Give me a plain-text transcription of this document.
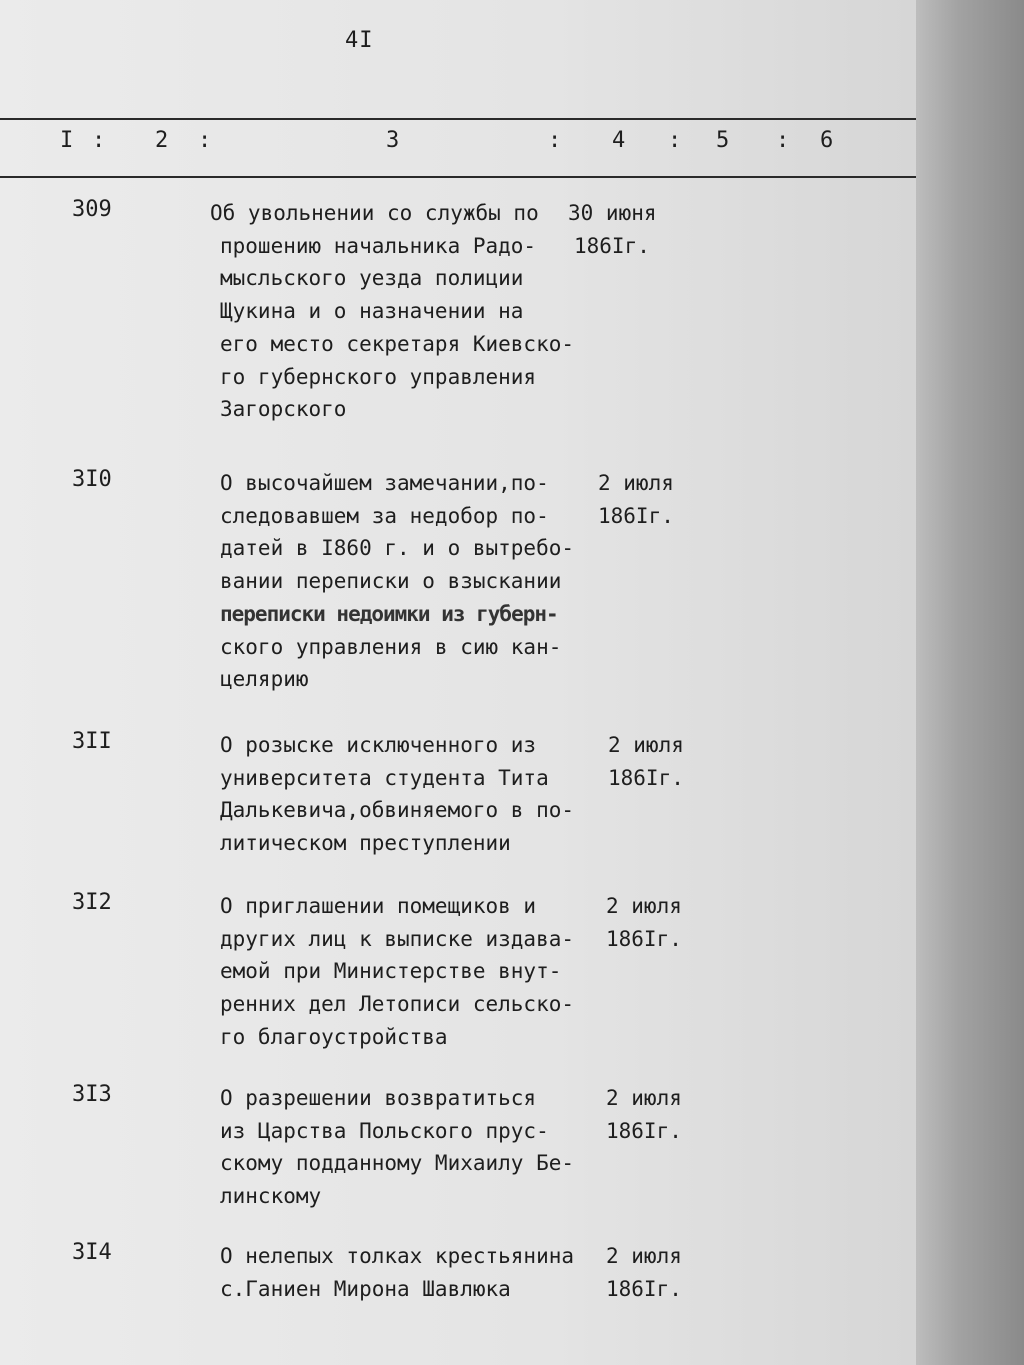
4I
I : 2 :	3	: 4 : 5 : 6
309	Об увольнении со службы по
прошению начальника Радо-
мысльского уезда полиции
Щукина и о назначении на
его место секретаря Киевско-
го губернского управления
Загорского
30 июня
186Iг.
3I0	О высочайшем замечании,по-
следовавшем за недобор по-
датей в I860 г. и о вытребо-
вании переписки о взыскании
переписки недоимки из губерн-
ского управления в сию кан-
целярию
2 июля
186Iг.
3II	О розыске исключенного из
университета студента Тита
Далькевича,обвиняемого в по-
литическом преступлении
2 июля
186Iг.
3I2	О приглашении помещиков и
других лиц к выписке издава-
емой при Министерстве внут-
ренних дел Летописи сельско-
го благоустройства
2 июля
186Iг.
3I3	О разрешении возвратиться
из Царства Польского прус-
скому подданному Михаилу Бе-
линскому
2 июля
186Iг.
3I4	О нелепых толках крестьянина
с.Ганиен Мирона Шавлюка
2 июля
186Iг.
